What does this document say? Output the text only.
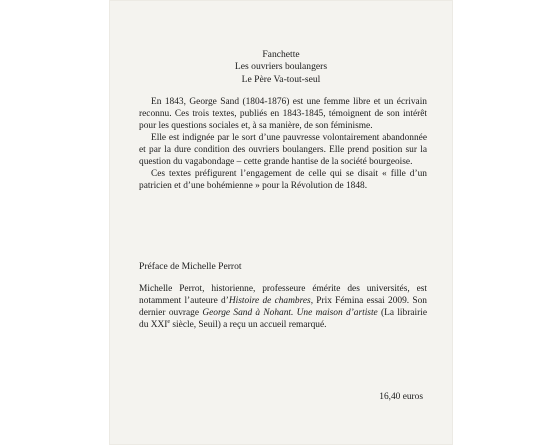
Fanchette
Les ouvriers boulangers
Le Père Va-tout-seul

En 1843, George Sand (1804-1876) est une femme libre et un écrivain reconnu. Ces trois textes, publiés en 1843-1845, témoignent de son intérêt pour les questions sociales et, à sa manière, de son féminisme.

Elle est indignée par le sort d’une pauvresse volontairement abandonnée et par la dure condition des ouvriers boulangers. Elle prend position sur la question du vagabondage – cette grande hantise de la société bourgeoise.

Ces textes préfigurent l’engagement de celle qui se disait « fille d’un patricien et d’une bohémienne » pour la Révolution de 1848.

Préface de Michelle Perrot

Michelle Perrot, historienne, professeure émérite des universités, est notamment l’auteure d’Histoire de chambres, Prix Fémina essai 2009. Son dernier ouvrage George Sand à Nohant. Une maison d’artiste (La librairie du XXIe siècle, Seuil) a reçu un accueil remarqué.

16,40 euros
